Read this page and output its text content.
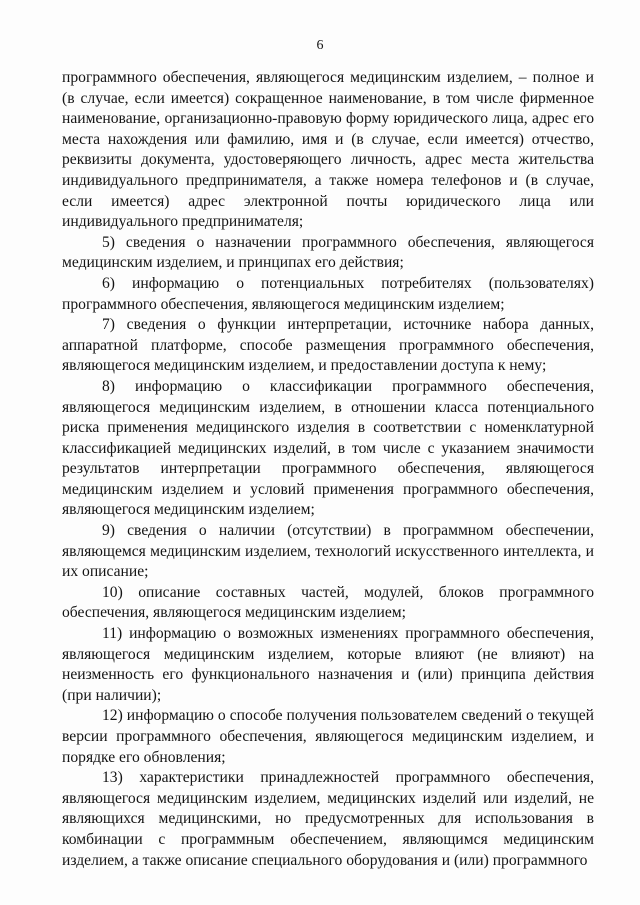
6

программного обеспечения, являющегося медицинским изделием, – полное и (в случае, если имеется) сокращенное наименование, в том числе фирменное наименование, организационно-правовую форму юридического лица, адрес его места нахождения или фамилию, имя и (в случае, если имеется) отчество, реквизиты документа, удостоверяющего личность, адрес места жительства индивидуального предпринимателя, а также номера телефонов и (в случае, если имеется) адрес электронной почты юридического лица или индивидуального предпринимателя;

5) сведения о назначении программного обеспечения, являющегося медицинским изделием, и принципах его действия;

6) информацию о потенциальных потребителях (пользователях) программного обеспечения, являющегося медицинским изделием;

7) сведения о функции интерпретации, источнике набора данных, аппаратной платформе, способе размещения программного обеспечения, являющегося медицинским изделием, и предоставлении доступа к нему;

8) информацию о классификации программного обеспечения, являющегося медицинским изделием, в отношении класса потенциального риска применения медицинского изделия в соответствии с номенклатурной классификацией медицинских изделий, в том числе с указанием значимости результатов интерпретации программного обеспечения, являющегося медицинским изделием и условий применения программного обеспечения, являющегося медицинским изделием;

9) сведения о наличии (отсутствии) в программном обеспечении, являющемся медицинским изделием, технологий искусственного интеллекта, и их описание;

10) описание составных частей, модулей, блоков программного обеспечения, являющегося медицинским изделием;

11) информацию о возможных изменениях программного обеспечения, являющегося медицинским изделием, которые влияют (не влияют) на неизменность его функционального назначения и (или) принципа действия (при наличии);

12) информацию о способе получения пользователем сведений о текущей версии программного обеспечения, являющегося медицинским изделием, и порядке его обновления;

13) характеристики принадлежностей программного обеспечения, являющегося медицинским изделием, медицинских изделий или изделий, не являющихся медицинскими, но предусмотренных для использования в комбинации с программным обеспечением, являющимся медицинским изделием, а также описание специального оборудования и (или) программного
